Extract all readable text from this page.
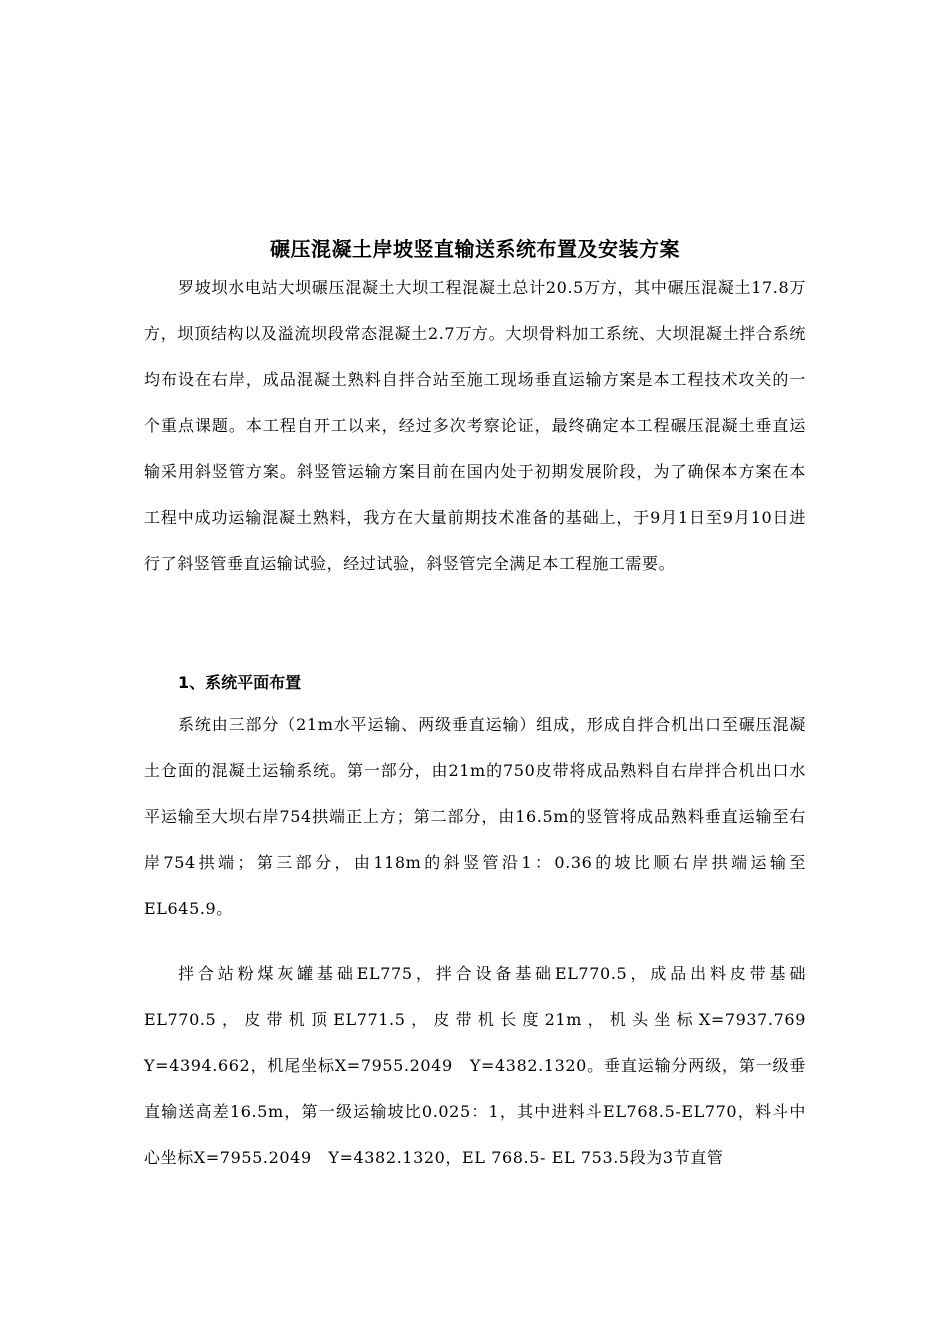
碾压混凝土岸坡竖直输送系统布置及安装方案

罗坡坝水电站大坝碾压混凝土大坝工程混凝土总计20.5万方，其中碾压混凝土17.8万方，坝顶结构以及溢流坝段常态混凝土2.7万方。大坝骨料加工系统、大坝混凝土拌合系统均布设在右岸，成品混凝土熟料自拌合站至施工现场垂直运输方案是本工程技术攻关的一个重点课题。本工程自开工以来，经过多次考察论证，最终确定本工程碾压混凝土垂直运输采用斜竖管方案。斜竖管运输方案目前在国内处于初期发展阶段，为了确保本方案在本工程中成功运输混凝土熟料，我方在大量前期技术准备的基础上，于9月1日至9月10日进行了斜竖管垂直运输试验，经过试验，斜竖管完全满足本工程施工需要。

1、系统平面布置

系统由三部分（21m水平运输、两级垂直运输）组成，形成自拌合机出口至碾压混凝土仓面的混凝土运输系统。第一部分，由21m的750皮带将成品熟料自右岸拌合机出口水平运输至大坝右岸754拱端正上方；第二部分，由16.5m的竖管将成品熟料垂直运输至右岸754拱端；第三部分，由118m的斜竖管沿1：0.36的坡比顺右岸拱端运输至EL645.9。

拌合站粉煤灰罐基础EL775，拌合设备基础EL770.5，成品出料皮带基础EL770.5，皮带机顶EL771.5，皮带机长度21m，机头坐标X=7937.769 Y=4394.662，机尾坐标X=7955.2049　Y=4382.1320。垂直运输分两级，第一级垂直输送高差16.5m，第一级运输坡比0.025：1，其中进料斗EL768.5-EL770，料斗中心坐标X=7955.2049　Y=4382.1320，EL 768.5- EL 753.5段为3节直管
